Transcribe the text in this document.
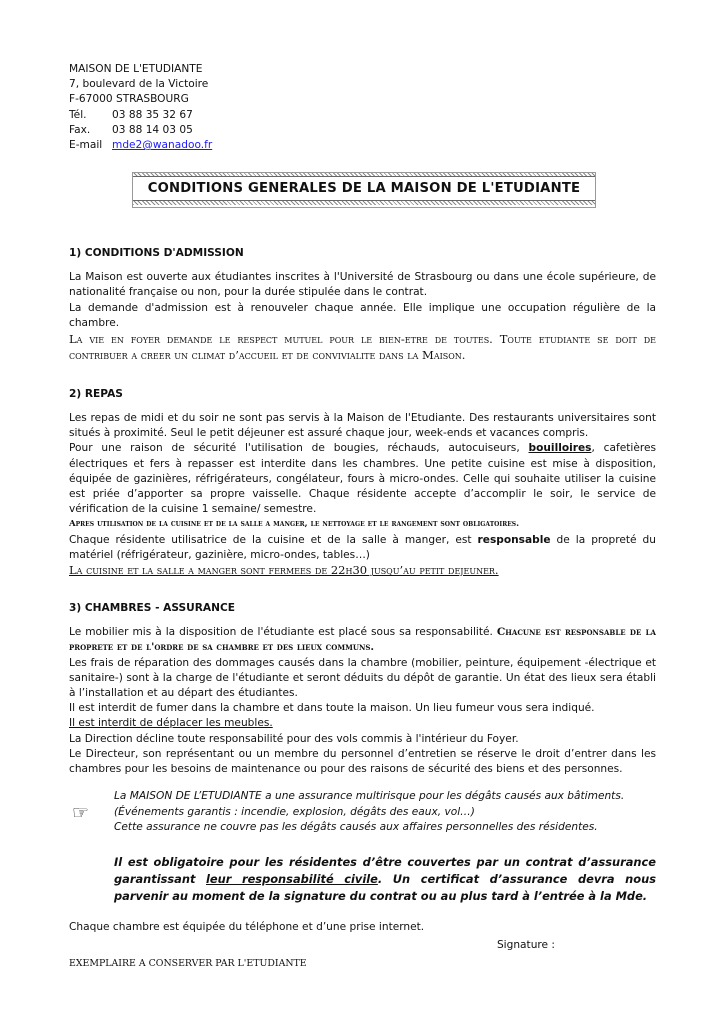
MAISON DE L'ETUDIANTE
7, boulevard de la Victoire
F-67000 STRASBOURG
Tél. 03 88 35 32 67
Fax. 03 88 14 03 05
E-mail mde2@wanadoo.fr
CONDITIONS GENERALES DE LA MAISON DE L'ETUDIANTE
1) CONDITIONS D'ADMISSION

La Maison est ouverte aux étudiantes inscrites à l'Université de Strasbourg ou dans une école supérieure, de nationalité française ou non, pour la durée stipulée dans le contrat.

La demande d'admission est à renouveler chaque année. Elle implique une occupation régulière de la chambre.

La vie en foyer demande le respect mutuel pour le bien-etre de toutes. Toute etudiante se doit de contribuer a creer un climat d’accueil et de convivialite dans la Maison.

2) REPAS

Les repas de midi et du soir ne sont pas servis à la Maison de l'Etudiante. Des restaurants universitaires sont situés à proximité. Seul le petit déjeuner est assuré chaque jour, week-ends et vacances compris.

Pour une raison de sécurité l'utilisation de bougies, réchauds, autocuiseurs, bouilloires, cafetières électriques et fers à repasser est interdite dans les chambres. Une petite cuisine est mise à disposition, équipée de gazinières, réfrigérateurs, congélateur, fours à micro-ondes. Celle qui souhaite utiliser la cuisine est priée d’apporter sa propre vaisselle. Chaque résidente accepte d’accomplir le soir, le service de vérification de la cuisine 1 semaine/ semestre.

Apres utilisation de la cuisine et de la salle a manger, le nettoyage et le rangement sont obligatoires.

Chaque résidente utilisatrice de la cuisine et de la salle à manger, est responsable de la propreté du matériel (réfrigérateur, gazinière, micro-ondes, tables…)

La cuisine et la salle a manger sont fermees de 22h30 jusqu’au petit dejeuner.

3) CHAMBRES - ASSURANCE

Le mobilier mis à la disposition de l'étudiante est placé sous sa responsabilité. Chacune est responsable de la proprete et de l'ordre de sa chambre et des lieux communs.

Les frais de réparation des dommages causés dans la chambre (mobilier, peinture, équipement -électrique et sanitaire-) sont à la charge de l'étudiante et seront déduits du dépôt de garantie. Un état des lieux sera établi à l’installation et au départ des étudiantes.

Il est interdit de fumer dans la chambre et dans toute la maison. Un lieu fumeur vous sera indiqué.

Il est interdit de déplacer les meubles.

La Direction décline toute responsabilité pour des vols commis à l'intérieur du Foyer.

Le Directeur, son représentant ou un membre du personnel d’entretien se réserve le droit d’entrer dans les chambres pour les besoins de maintenance ou pour des raisons de sécurité des biens et des personnes.

☞
La MAISON DE L’ETUDIANTE a une assurance multirisque pour les dégâts causés aux bâtiments.
(Événements garantis : incendie, explosion, dégâts des eaux, vol…)
Cette assurance ne couvre pas les dégâts causés aux affaires personnelles des résidentes.

Il est obligatoire pour les résidentes d’être couvertes par un contrat d’assurance garantissant leur responsabilité civile. Un certificat d’assurance devra nous parvenir au moment de la signature du contrat ou au plus tard à l’entrée à la Mde.

Chaque chambre est équipée du téléphone et d’une prise internet.

Signature :
EXEMPLAIRE A CONSERVER PAR L'ETUDIANTE
